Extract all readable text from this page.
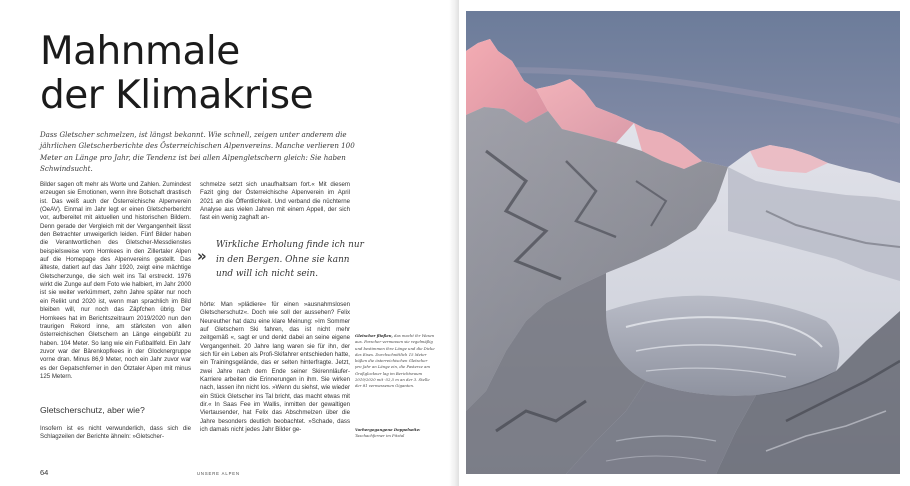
Mahnmale
der Klimakrise

Dass Gletscher schmelzen, ist längst bekannt. Wie schnell, zeigen unter anderem die jährlichen Gletscherberichte des Österreichischen Alpenvereins. Manche verlieren 100 Meter an Länge pro Jahr, die Tendenz ist bei allen Alpengletschern gleich: Sie haben Schwindsucht.

Bilder sagen oft mehr als Worte und Zahlen. Zumindest erzeugen sie Emotionen, wenn ihre Botschaft drastisch ist. Das weiß auch der Österreichische Alpenverein (OeAV). Einmal im Jahr legt er einen Gletscherbericht vor, aufbereitet mit aktuellen und historischen Bildern. Denn gerade der Vergleich mit der Vergangenheit lässt den Betrachter unweigerlich leiden. Fünf Bilder haben die Verantwortlichen des Gletscher-Messdienstes beispielsweise vom Hornkees in den Zillertaler Alpen auf die Homepage des Alpenvereins gestellt. Das älteste, datiert auf das Jahr 1920, zeigt eine mächtige Gletscherzunge, die sich weit ins Tal erstreckt. 1976 wirkt die Zunge auf dem Foto wie halbiert, im Jahr 2000 ist sie weiter verkümmert, zehn Jahre später nur noch ein Relikt und 2020 ist, wenn man sprachlich im Bild bleiben will, nur noch das Zäpfchen übrig. Der Hornkees hat im Berichtszeitraum 2019/2020 nun den traurigen Rekord inne, am stärksten von allen österreichischen Gletschern an Länge eingebüßt zu haben. 104 Meter. So lang wie ein Fußballfeld. Ein Jahr zuvor war der Bärenkopfkees in der Glocknergruppe vorne dran. Minus 86,9 Meter, noch ein Jahr zuvor war es der Gepatschferner in den Ötztaler Alpen mit minus 125 Metern.

Gletscherschutz, aber wie?

Insofern ist es nicht verwunderlich, dass sich die Schlagzeilen der Berichte ähneln: »Gletscher-

schmelze setzt sich unaufhaltsam fort.« Mit diesem Fazit ging der Österreichische Alpenverein im April 2021 an die Öffentlichkeit. Und verband die nüchterne Analyse aus vielen Jahren mit einem Appell, der sich fast ein wenig zaghaft an-

»

Wirkliche Erholung finde ich nur in den Bergen. Ohne sie kann und will ich nicht sein.

hörte: Man »plädiere« für einen »ausnahmslosen Gletscherschutz«. Doch wie soll der aussehen? Felix Neureuther hat dazu eine klare Meinung: »Im Sommer auf Gletschern Ski fahren, das ist nicht mehr zeitgemäß «, sagt er und denkt dabei an seine eigene Vergangenheit. 20 Jahre lang waren sie für ihn, der sich für ein Leben als Profi-Skifahrer entschieden hatte, ein Trainingsgelände, das er selten hinterfragte. Jetzt, zwei Jahre nach dem Ende seiner Skirennläufer-Karriere arbeiten die Erinnerungen in ihm. Sie wirken nach, lassen ihn nicht los. »Wenn du siehst, wie wieder ein Stück Gletscher ins Tal bricht, das macht etwas mit dir.« In Saas Fee im Wallis, inmitten der gewaltigen Viertausender, hat Felix das Abschmelzen über die Jahre besonders deutlich beobachtet. »Schade, dass ich damals nicht jedes Jahr Bilder ge-

Gletscher fließen, das macht ihr Wesen aus. Forscher vermessen sie regelmäßig und bestimmen ihre Länge und die Dicke des Eises. Durchschnittlich 15 Meter büßen die österreichischen Gletscher pro Jahr an Länge ein, die Pasterze am Großglockner lag im Berichtsraum 2019/2020 mit -52,5 m an der 3. Stelle der 81 vermessenen Giganten.

Vorhergegangene Doppelseite:
Taschachferner im Pitztal

64	UNSERE ALPEN
